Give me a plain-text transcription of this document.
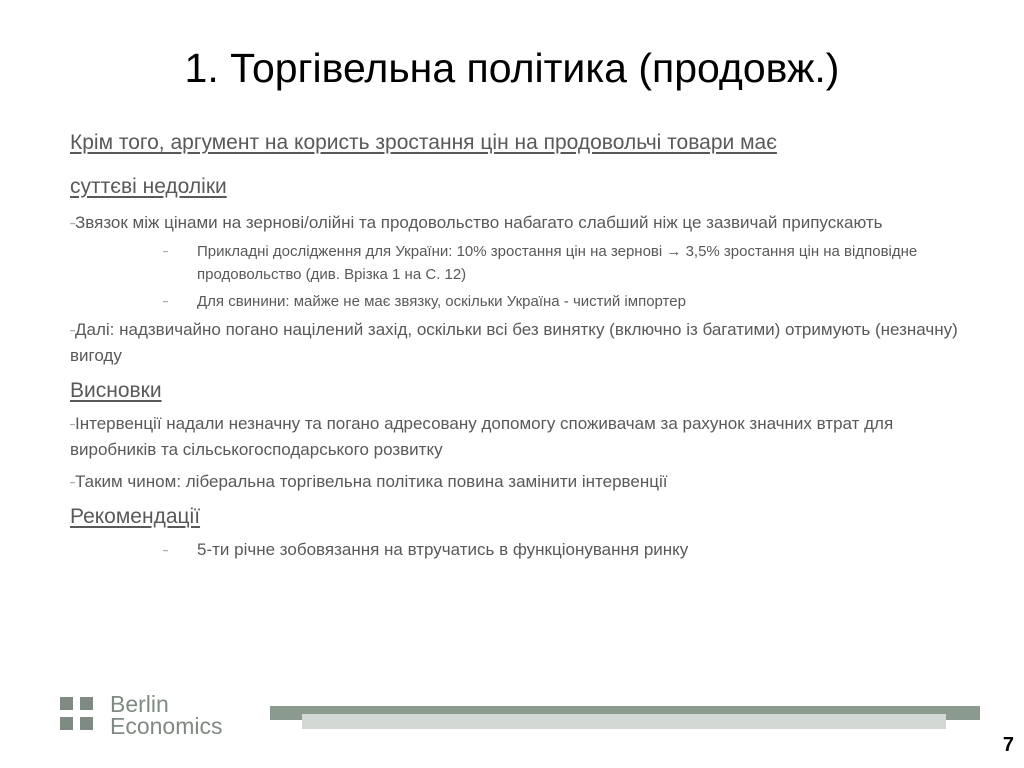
1. Торгівельна політика (продовж.)
Крім того, аргумент на користь зростання цін на продовольчі товари має
суттєві недоліки
–Звязок між цінами на зернові/олійні та продовольство набагато слабший ніж це зазвичай припускають
– Прикладні дослідження для України: 10% зростання цін на зернові → 3,5% зростання цін на відповідне продовольство (див. Врізка 1 на С. 12)
– Для свинини: майже не має звязку, оскільки Україна - чистий імпортер
–Далі: надзвичайно погано націлений захід, оскільки всі без винятку (включно із багатими) отримують (незначну) вигоду
Висновки
–Інтервенції надали незначну та погано адресовану допомогу споживачам за рахунок значних втрат для виробників та сільськогосподарського розвитку
–Таким чином: ліберальна торгівельна політика повина замінити інтервенції
Рекомендації
– 5-ти річне зобовязання на втручатись в функціонування ринку
Berlin
Economics
7
